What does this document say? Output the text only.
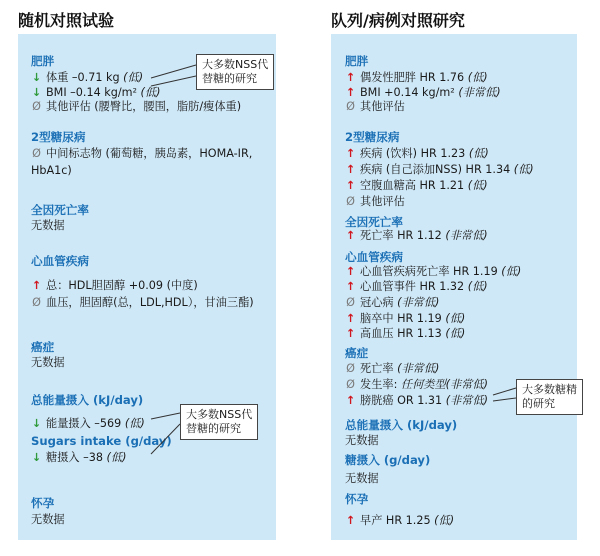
随机对照试验	队列/病例对照研究
肥胖
↓ 体重 –0.71 kg (低)
↓ BMI –0.14 kg/m² (低)
Ø 其他评估 (腰臀比，腰围，脂肪/瘦体重)
2型糖尿病
Ø 中间标志物 (葡萄糖，胰岛素，HOMA-IR,
HbA1c)
全因死亡率
无数据
心血管疾病
↑ 总：HDL胆固醇 +0.09 (中度)
Ø 血压，胆固醇(总，LDL,HDL），甘油三酯)
癌症
无数据
总能量摄入 (kJ/day)
↓ 能量摄入 –569 (低)
Sugars intake (g/day)
↓ 糖摄入 –38 (低)
怀孕
无数据
肥胖
↑ 偶发性肥胖 HR 1.76 (低)
↑ BMI +0.14 kg/m² (非常低)
Ø 其他评估
2型糖尿病
↑ 疾病 (饮料) HR 1.23 (低)
↑ 疾病 (自己添加NSS) HR 1.34 (低)
↑ 空腹血糖高 HR 1.21 (低)
Ø 其他评估
全因死亡率
↑ 死亡率 HR 1.12 (非常低)
心血管疾病
↑ 心血管疾病死亡率 HR 1.19 (低)
↑ 心血管事件 HR 1.32 (低)
Ø 冠心病 (非常低)
↑ 脑卒中 HR 1.19 (低)
↑ 高血压 HR 1.13 (低)
癌症
Ø 死亡率 (非常低)
Ø 发生率: 任何类型(非常低)
↑ 膀胱癌 OR 1.31 (非常低)
总能量摄入 (kJ/day)
无数据
糖摄入 (g/day)
无数据
怀孕
↑ 早产 HR 1.25 (低)
大多数NSS代
替糖的研究
大多数NSS代
替糖的研究
大多数糖精
的研究
